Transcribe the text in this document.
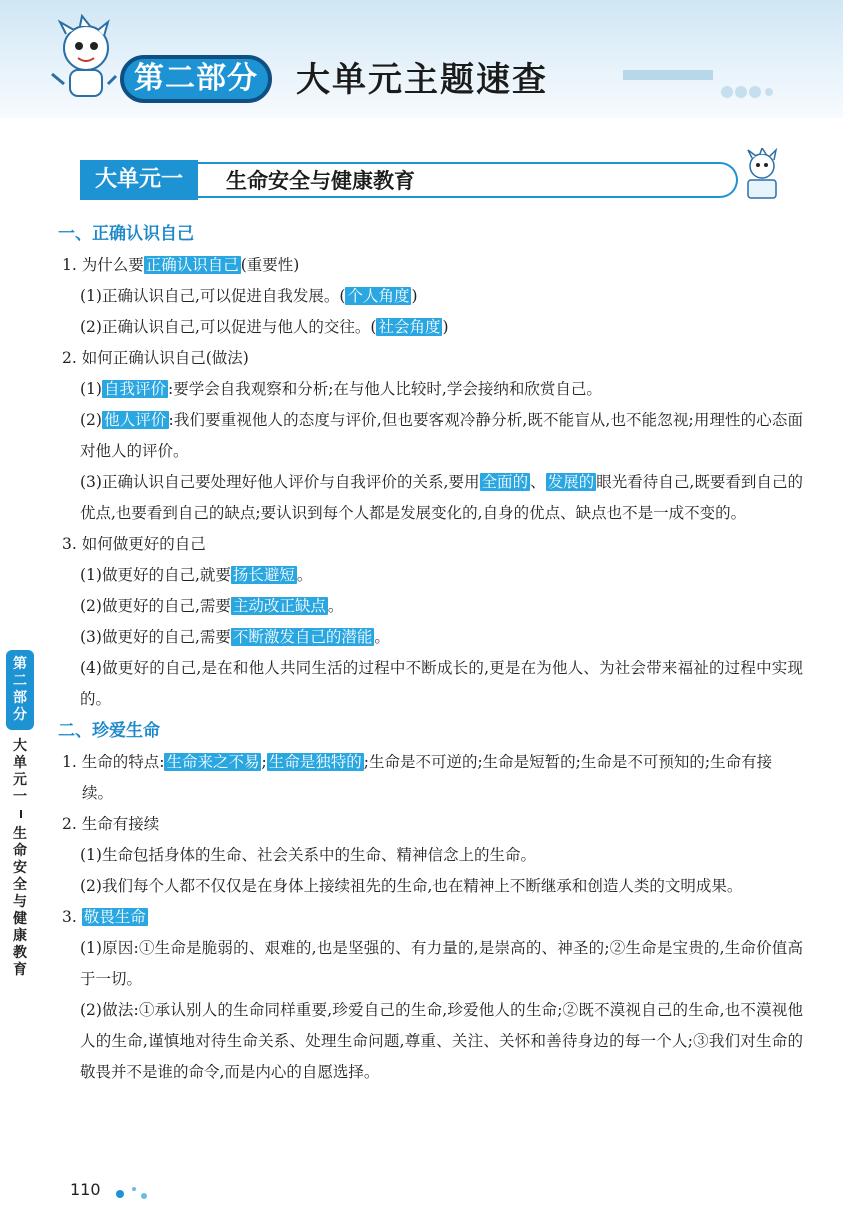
第二部分	大单元主题速查
大单元一	生命安全与健康教育

一、正确认识自己

1. 为什么要 正确认识自己 (重要性)

(1)正确认识自己,可以促进自我发展。( 个人角度 )

(2)正确认识自己,可以促进与他人的交往。( 社会角度 )

2. 如何正确认识自己(做法)

(1) 自我评价 :要学会自我观察和分析;在与他人比较时,学会接纳和欣赏自己。

(2) 他人评价 :我们要重视他人的态度与评价,但也要客观冷静分析,既不能盲从,也不能忽视;用理性的心态面对他人的评价。

(3)正确认识自己要处理好他人评价与自我评价的关系,要用 全面的 、 发展的 眼光看待自己,既要看到自己的优点,也要看到自己的缺点;要认识到每个人都是发展变化的,自身的优点、缺点也不是一成不变的。

3. 如何做更好的自己

(1)做更好的自己,就要 扬长避短 。

(2)做更好的自己,需要 主动改正缺点 。

(3)做更好的自己,需要 不断激发自己的潜能 。

(4)做更好的自己,是在和他人共同生活的过程中不断成长的,更是在为他人、为社会带来福祉的过程中实现的。

二、珍爱生命

1. 生命的特点: 生命来之不易 ; 生命是独特的 ;生命是不可逆的;生命是短暂的;生命是不可预知的;生命有接续。

2. 生命有接续

(1)生命包括身体的生命、社会关系中的生命、精神信念上的生命。

(2)我们每个人都不仅仅是在身体上接续祖先的生命,也在精神上不断继承和创造人类的文明成果。

3. 敬畏生命

(1)原因:①生命是脆弱的、艰难的,也是坚强的、有力量的,是崇高的、神圣的;②生命是宝贵的,生命价值高于一切。

(2)做法:①承认别人的生命同样重要,珍爱自己的生命,珍爱他人的生命;②既不漠视自己的生命,也不漠视他人的生命,谨慎地对待生命关系、处理生命问题,尊重、关注、关怀和善待身边的每一个人;③我们对生命的敬畏并不是谁的命令,而是内心的自愿选择。

第
二
部
分
大
单
元
一
生
命
安
全
与
健
康
教
育
110
